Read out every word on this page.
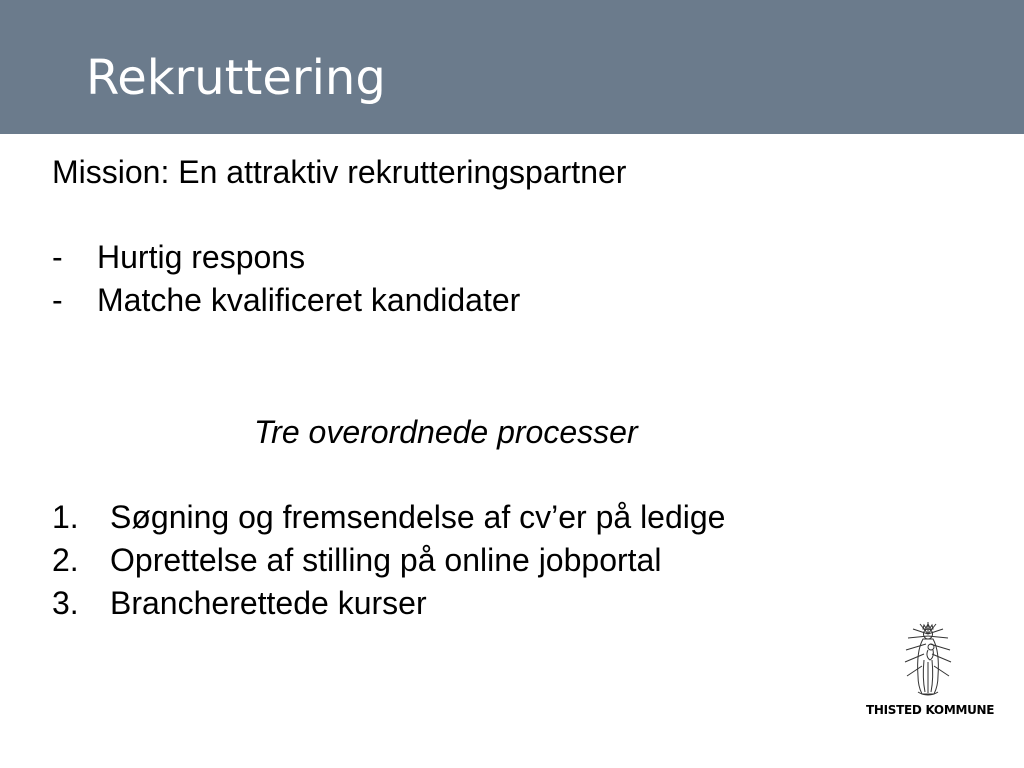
Rekruttering
Mission: En attraktiv rekrutteringspartner
- Hurtig respons
- Matche kvalificeret kandidater
Tre overordnede processer
1. Søgning og fremsendelse af cv’er på ledige
2. Oprettelse af stilling på online jobportal
3. Brancherettede kurser
THISTED KOMMUNE
